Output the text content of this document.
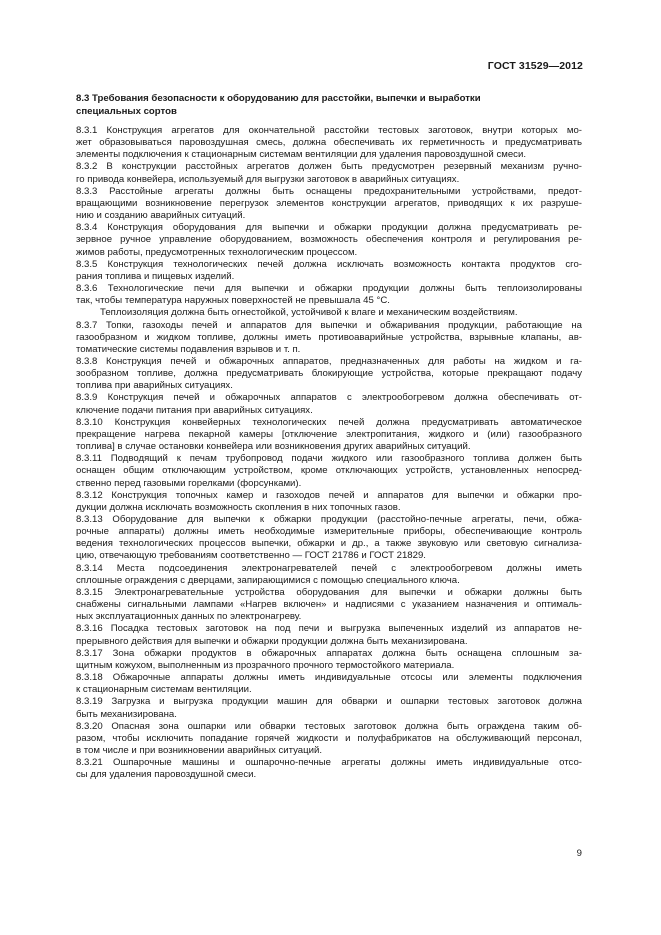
ГОСТ 31529—2012
8.3 Требования безопасности к оборудованию для расстойки, выпечки и выработки
специальных сортов
8.3.1 Конструкция агрегатов для окончательной расстойки тестовых заготовок, внутри которых мо-
жет образовываться паровоздушная смесь, должна обеспечивать их герметичность и предусматривать
элементы подключения к стационарным системам вентиляции для удаления паровоздушной смеси.
8.3.2 В конструкции расстойных агрегатов должен быть предусмотрен резервный механизм ручно-
го привода конвейера, используемый для выгрузки заготовок в аварийных ситуациях.
8.3.3 Расстойные агрегаты должны быть оснащены предохранительными устройствами, предот-
вращающими возникновение перегрузок элементов конструкции агрегатов, приводящих к их разруше-
нию и созданию аварийных ситуаций.
8.3.4 Конструкция оборудования для выпечки и обжарки продукции должна предусматривать ре-
зервное ручное управление оборудованием, возможность обеспечения контроля и регулирования ре-
жимов работы, предусмотренных технологическим процессом.
8.3.5 Конструкция технологических печей должна исключать возможность контакта продуктов сго-
рания топлива и пищевых изделий.
8.3.6 Технологические печи для выпечки и обжарки продукции должны быть теплоизолированы
так, чтобы температура наружных поверхностей не превышала 45 °С.
Теплоизоляция должна быть огнестойкой, устойчивой к влаге и механическим воздействиям.
8.3.7 Топки, газоходы печей и аппаратов для выпечки и обжаривания продукции, работающие на
газообразном и жидком топливе, должны иметь противоаварийные устройства, взрывные клапаны, ав-
томатические системы подавления взрывов и т. п.
8.3.8 Конструкция печей и обжарочных аппаратов, предназначенных для работы на жидком и га-
зообразном топливе, должна предусматривать блокирующие устройства, которые прекращают подачу
топлива при аварийных ситуациях.
8.3.9 Конструкция печей и обжарочных аппаратов с электрообогревом должна обеспечивать от-
ключение подачи питания при аварийных ситуациях.
8.3.10 Конструкция конвейерных технологических печей должна предусматривать автоматическое
прекращение нагрева пекарной камеры [отключение электропитания, жидкого и (или) газообразного
топлива] в случае остановки конвейера или возникновения других аварийных ситуаций.
8.3.11 Подводящий к печам трубопровод подачи жидкого или газообразного топлива должен быть
оснащен общим отключающим устройством, кроме отключающих устройств, установленных непосред-
ственно перед газовыми горелками (форсунками).
8.3.12 Конструкция топочных камер и газоходов печей и аппаратов для выпечки и обжарки про-
дукции должна исключать возможность скопления в них топочных газов.
8.3.13 Оборудование для выпечки к обжарки продукции (расстойно-печные агрегаты, печи, обжа-
рочные аппараты) должны иметь необходимые измерительные приборы, обеспечивающие контроль
ведения технологических процессов выпечки, обжарки и др., а также звуковую или световую сигнализа-
цию, отвечающую требованиям соответственно — ГОСТ 21786 и ГОСТ 21829.
8.3.14 Места подсоединения электронагревателей печей с электрообогревом должны иметь
сплошные ограждения с дверцами, запирающимися с помощью специального ключа.
8.3.15 Электронагревательные устройства оборудования для выпечки и обжарки должны быть
снабжены сигнальными лампами «Нагрев включен» и надписями с указанием назначения и оптималь-
ных эксплуатационных данных по электронагреву.
8.3.16 Посадка тестовых заготовок на под печи и выгрузка выпеченных изделий из аппаратов не-
прерывного действия для выпечки и обжарки продукции должна быть механизирована.
8.3.17 Зона обжарки продуктов в обжарочных аппаратах должна быть оснащена сплошным за-
щитным кожухом, выполненным из прозрачного прочного термостойкого материала.
8.3.18 Обжарочные аппараты должны иметь индивидуальные отсосы или элементы подключения
к стационарным системам вентиляции.
8.3.19 Загрузка и выгрузка продукции машин для обварки и ошпарки тестовых заготовок должна
быть механизирована.
8.3.20 Опасная зона ошпарки или обварки тестовых заготовок должна быть ограждена таким об-
разом, чтобы исключить попадание горячей жидкости и полуфабрикатов на обслуживающий персонал,
в том числе и при возникновении аварийных ситуаций.
8.3.21 Ошпарочные машины и ошпарочно-печные агрегаты должны иметь индивидуальные отсо-
сы для удаления паровоздушной смеси.
9
